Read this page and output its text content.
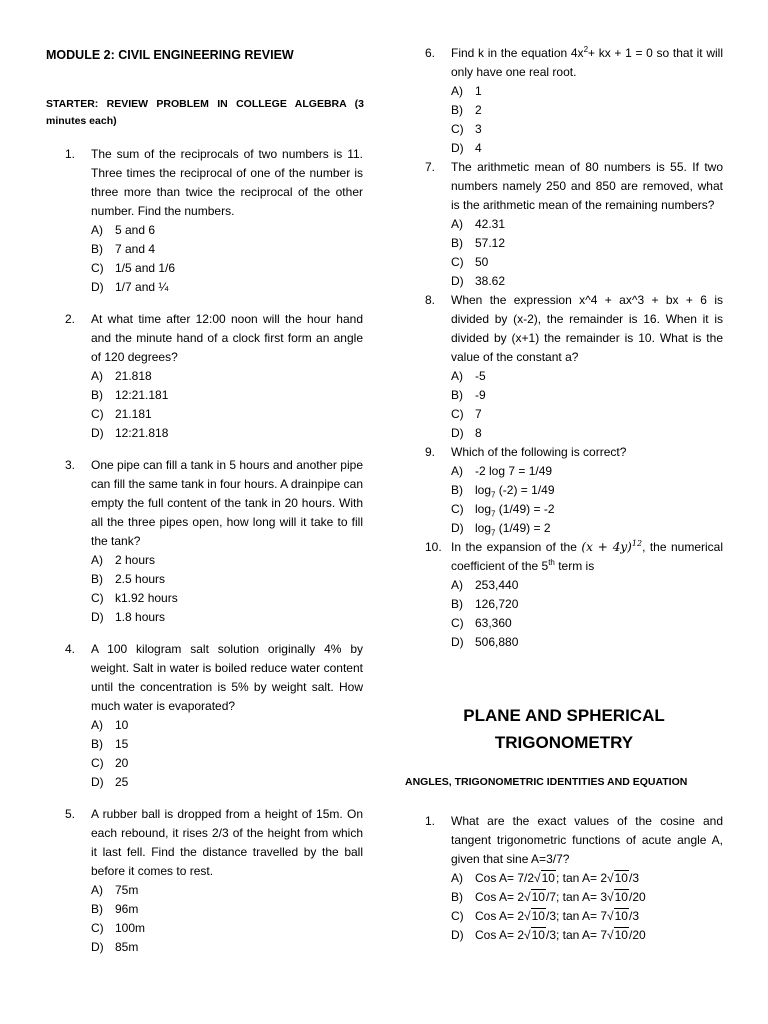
MODULE 2: CIVIL ENGINEERING REVIEW
STARTER: REVIEW PROBLEM IN COLLEGE ALGEBRA (3 minutes each)
1. The sum of the reciprocals of two numbers is 11. Three times the reciprocal of one of the number is three more than twice the reciprocal of the other number. Find the numbers.
A) 5 and 6
B) 7 and 4
C) 1/5 and 1/6
D) 1/7 and ¼
2. At what time after 12:00 noon will the hour hand and the minute hand of a clock first form an angle of 120 degrees?
A) 21.818
B) 12:21.181
C) 21.181
D) 12:21.818
3. One pipe can fill a tank in 5 hours and another pipe can fill the same tank in four hours. A drainpipe can empty the full content of the tank in 20 hours. With all the three pipes open, how long will it take to fill the tank?
A) 2 hours
B) 2.5 hours
C) k1.92 hours
D) 1.8 hours
4. A 100 kilogram salt solution originally 4% by weight. Salt in water is boiled reduce water content until the concentration is 5% by weight salt. How much water is evaporated?
A) 10
B) 15
C) 20
D) 25
5. A rubber ball is dropped from a height of 15m. On each rebound, it rises 2/3 of the height from which it last fell. Find the distance travelled by the ball before it comes to rest.
A) 75m
B) 96m
C) 100m
D) 85m
6. Find k in the equation $4x^2+$ kx + 1 = 0 so that it will only have one real root.
A) 1
B) 2
C) 3
D) 4
7. The arithmetic mean of 80 numbers is 55. If two numbers namely 250 and 850 are removed, what is the arithmetic mean of the remaining numbers?
A) 42.31
B) 57.12
C) 50
D) 38.62
8. When the expression x^4 + ax^3 + bx + 6 is divided by (x-2), the remainder is 16. When it is divided by (x+1) the remainder is 10. What is the value of the constant a?
A) -5
B) -9
C) 7
D) 8
9. Which of the following is correct?
A) -2 log 7 = 1/49
B) $\log_7 (-2) = 1/49$
C) $\log_7 (1/49) = -2$
D) $\log_7 (1/49) = 2$
10. In the expansion of the $(x + 4y)^{12}$, the numerical coefficient of the 5th term is
A) 253,440
B) 126,720
C) 63,360
D) 506,880
PLANE AND SPHERICAL TRIGONOMETRY
ANGLES, TRIGONOMETRIC IDENTITIES AND EQUATION
1. What are the exact values of the cosine and tangent trigonometric functions of acute angle A, given that sine A=3/7?
A) Cos A= 7/2√10; tan A= 2√10/3
B) Cos A= 2√10/7; tan A= 3√10/20
C) Cos A= 2√10/3; tan A= 7√10/3
D) Cos A= 2√10/3; tan A= 7√10/20
